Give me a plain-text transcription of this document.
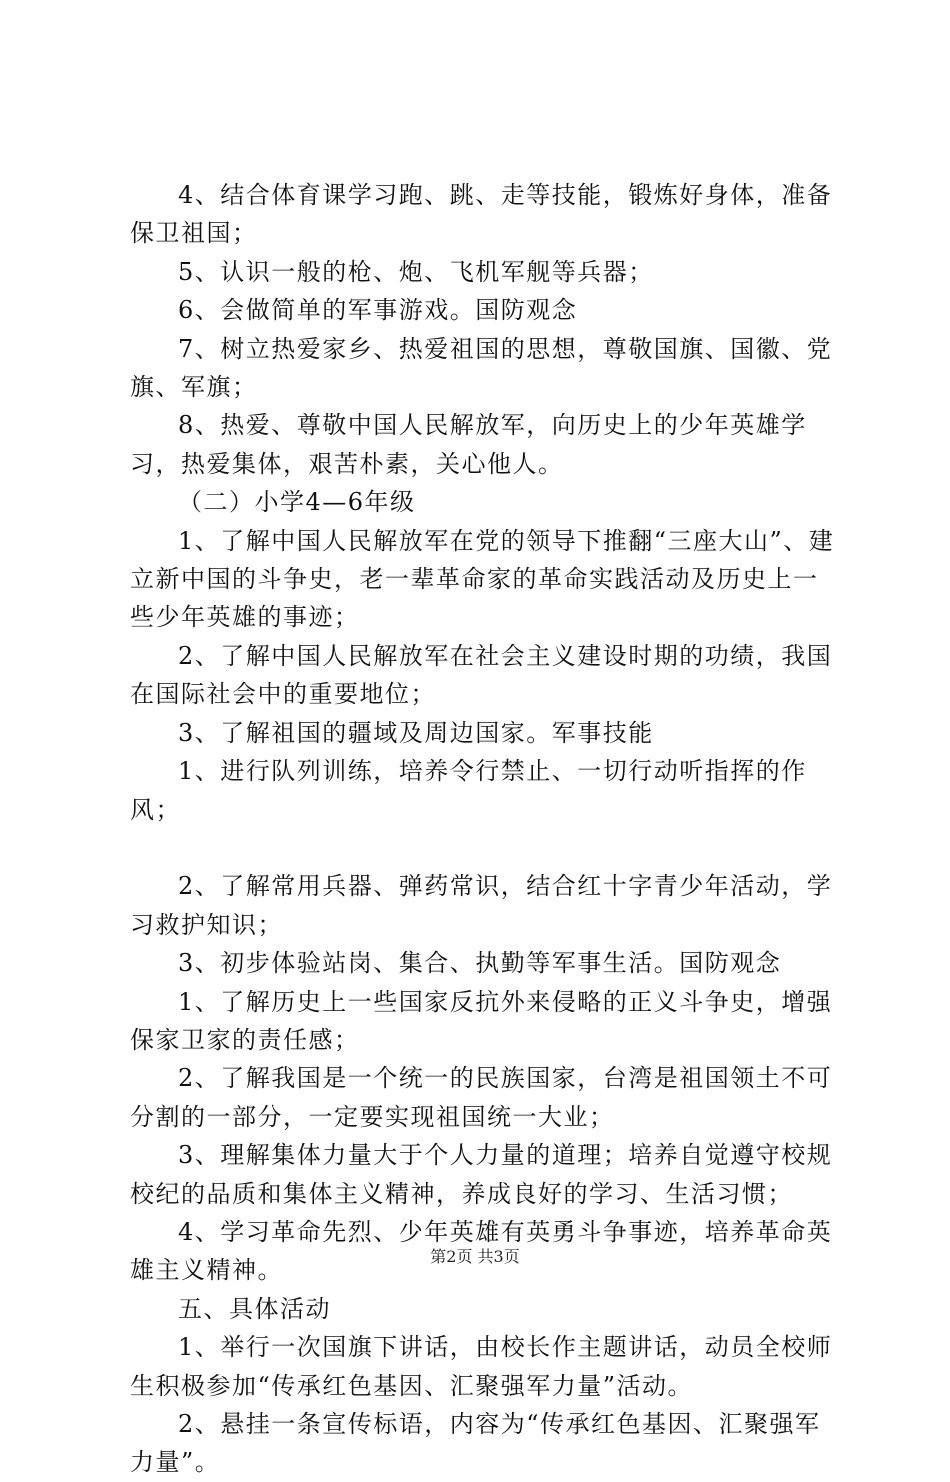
4、结合体育课学习跑、跳、走等技能，锻炼好身体，准备保卫祖国；

5、认识一般的枪、炮、飞机军舰等兵器；

6、会做简单的军事游戏。国防观念

7、树立热爱家乡、热爱祖国的思想，尊敬国旗、国徽、党旗、军旗；

8、热爱、尊敬中国人民解放军，向历史上的少年英雄学习，热爱集体，艰苦朴素，关心他人。

（二）小学4—6年级

1、了解中国人民解放军在党的领导下推翻“三座大山”、建立新中国的斗争史，老一辈革命家的革命实践活动及历史上一些少年英雄的事迹；

2、了解中国人民解放军在社会主义建设时期的功绩，我国在国际社会中的重要地位；

3、了解祖国的疆域及周边国家。军事技能

1、进行队列训练，培养令行禁止、一切行动听指挥的作风；

2、了解常用兵器、弹药常识，结合红十字青少年活动，学习救护知识；

3、初步体验站岗、集合、执勤等军事生活。国防观念

1、了解历史上一些国家反抗外来侵略的正义斗争史，增强保家卫家的责任感；

2、了解我国是一个统一的民族国家，台湾是祖国领土不可分割的一部分，一定要实现祖国统一大业；

3、理解集体力量大于个人力量的道理；培养自觉遵守校规校纪的品质和集体主义精神，养成良好的学习、生活习惯；

4、学习革命先烈、少年英雄有英勇斗争事迹，培养革命英雄主义精神。

五、具体活动

1、举行一次国旗下讲话，由校长作主题讲话，动员全校师生积极参加“传承红色基因、汇聚强军力量”活动。

2、悬挂一条宣传标语，内容为“传承红色基因、汇聚强军力量”。

第2页 共3页
